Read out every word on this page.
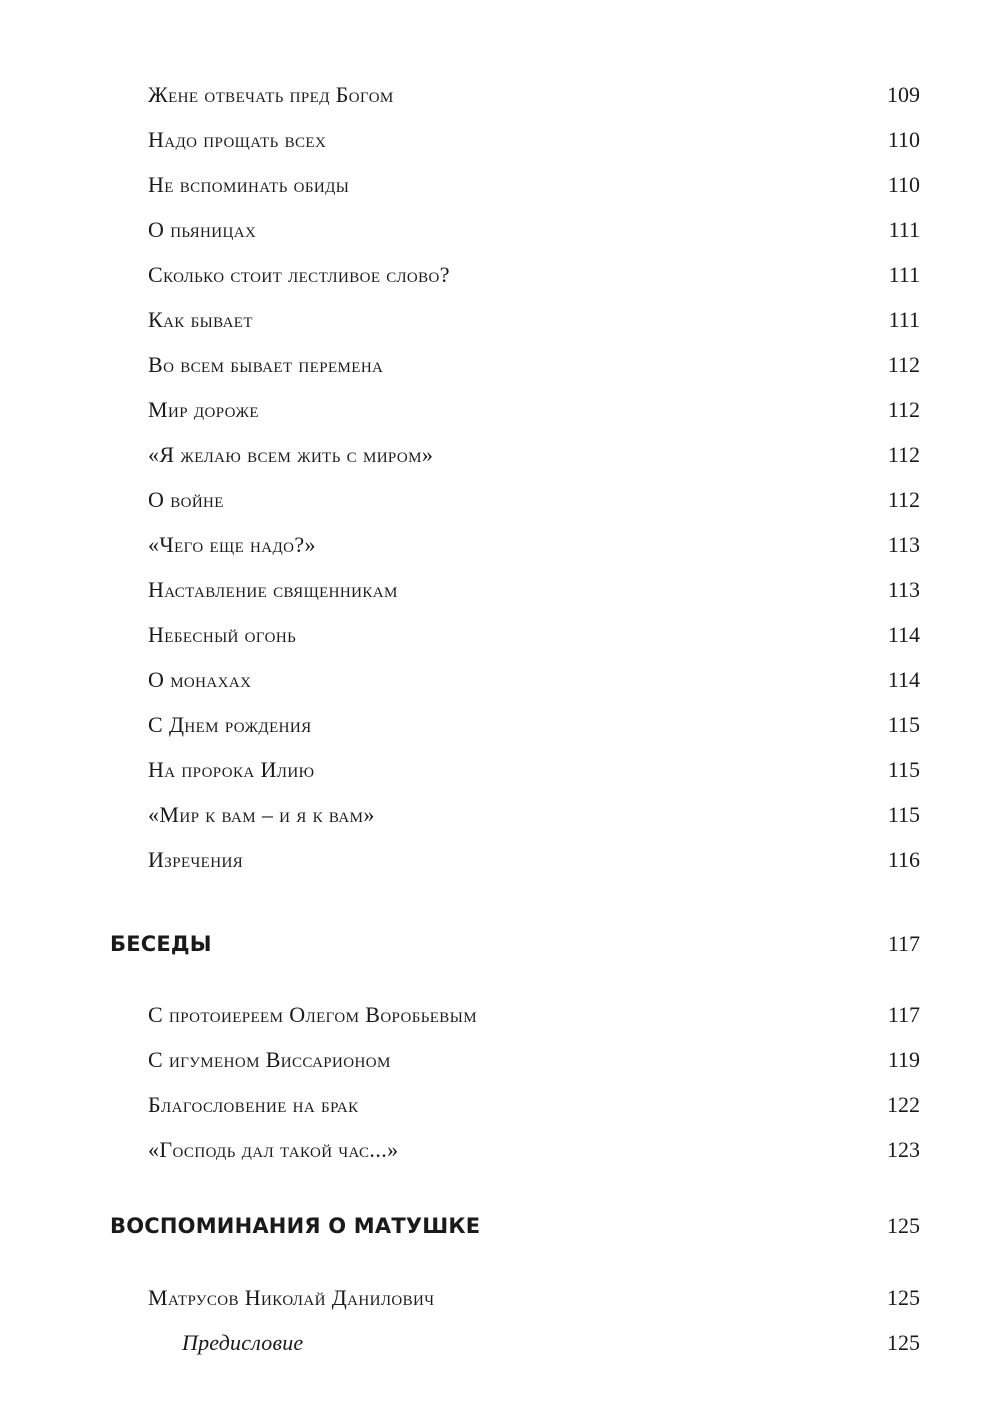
Жене отвечать пред Богом	109
Надо прощать всех	110
Не вспоминать обиды	110
О пьяницах	111
Сколько стоит лестливое слово?	111
Как бывает	111
Во всем бывает перемена	112
Мир дороже	112
«Я желаю всем жить с миром»	112
О войне	112
«Чего еще надо?»	113
Наставление священникам	113
Небесный огонь	114
О монахах	114
С Днем рождения	115
На пророка Илию	115
«Мир к вам – и я к вам»	115
Изречения	116
БЕСЕДЫ	117
С протоиереем Олегом Воробьевым	117
С игуменом Виссарионом	119
Благословение на брак	122
«Господь дал такой час...»	123
ВОСПОМИНАНИЯ О МАТУШКЕ	125
Матрусов Николай Данилович	125
Предисловие	125
